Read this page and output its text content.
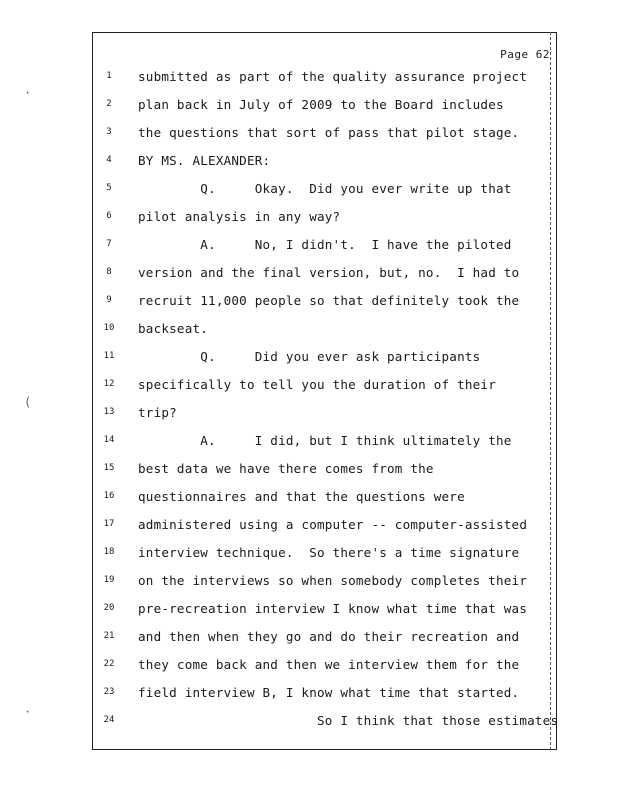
Page 62
·
(
·
1	submitted as part of the quality assurance project
2	plan back in July of 2009 to the Board includes
3	the questions that sort of pass that pilot stage.
4	BY MS. ALEXANDER:
5	Q.     Okay.  Did you ever write up that
6	pilot analysis in any way?
7	A.     No, I didn't.  I have the piloted
8	version and the final version, but, no.  I had to
9	recruit 11,000 people so that definitely took the
10	backseat.
11	Q.     Did you ever ask participants
12	specifically to tell you the duration of their
13	trip?
14	A.     I did, but I think ultimately the
15	best data we have there comes from the
16	questionnaires and that the questions were
17	administered using a computer -- computer-assisted
18	interview technique.  So there's a time signature
19	on the interviews so when somebody completes their
20	pre-recreation interview I know what time that was
21	and then when they go and do their recreation and
22	they come back and then we interview them for the
23	field interview B, I know what time that started.
24	So I think that those estimates
